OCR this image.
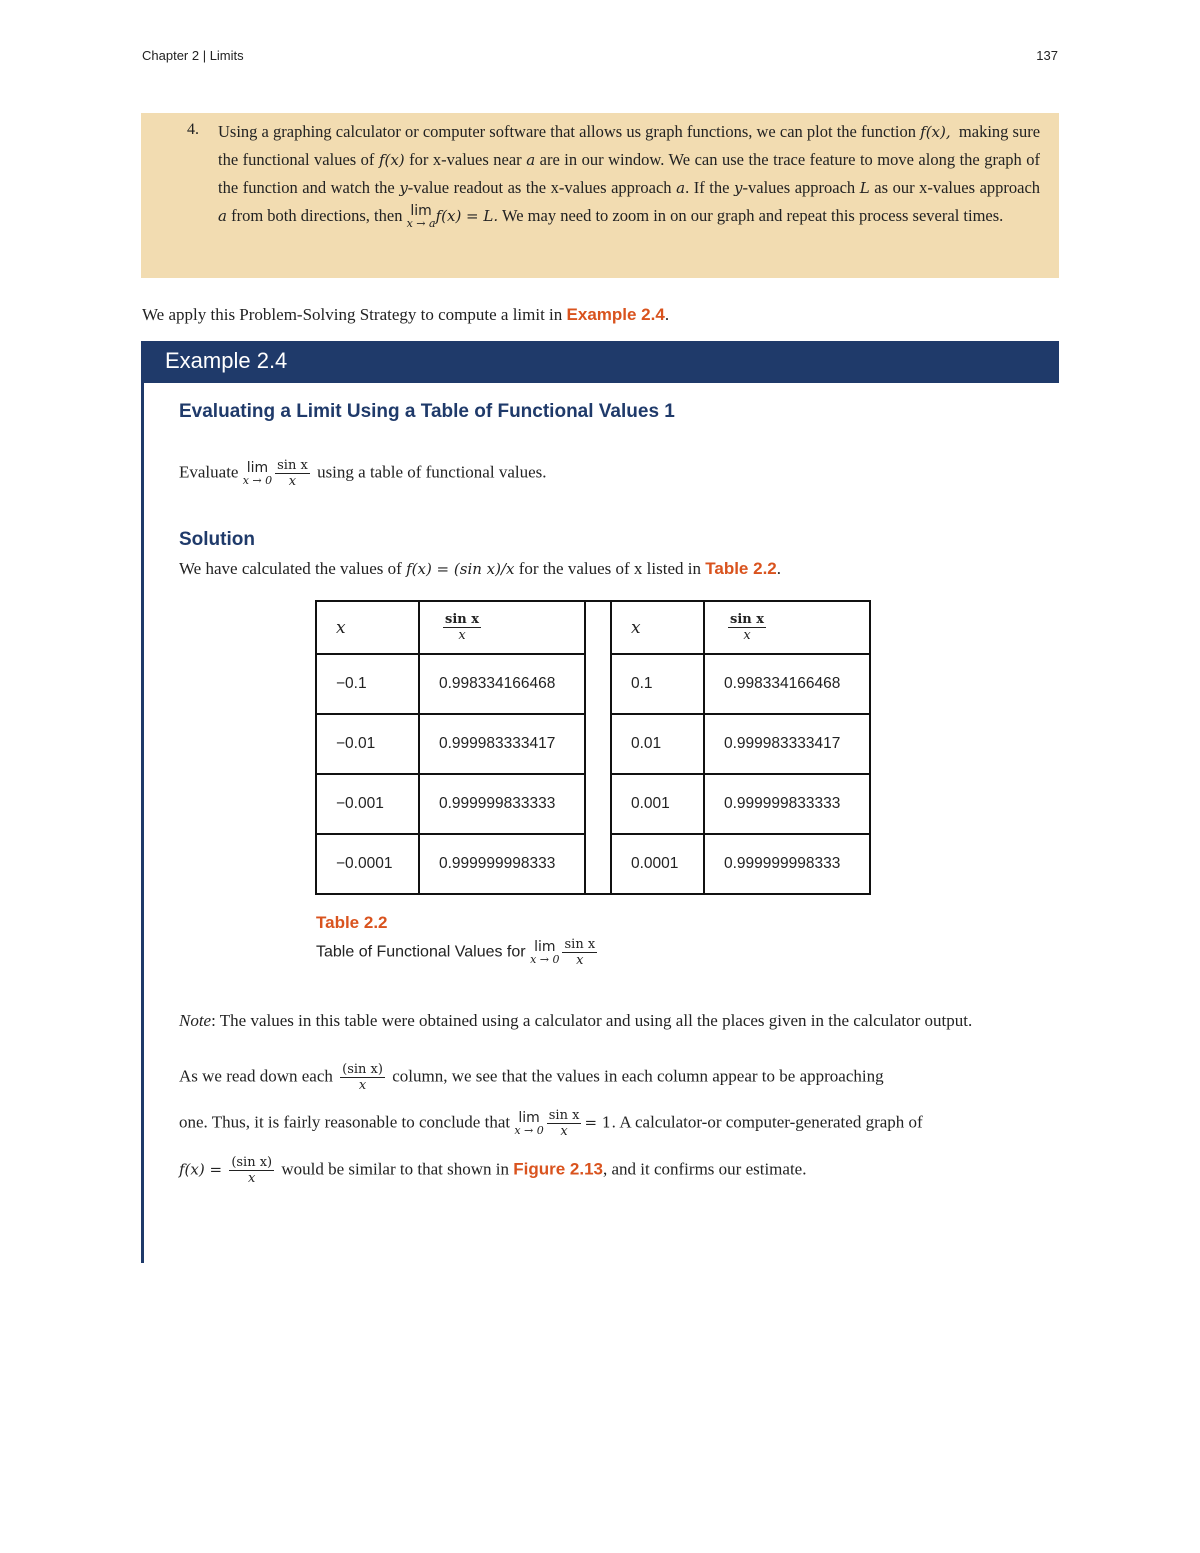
Chapter 2 | Limits	137
4. Using a graphing calculator or computer software that allows us graph functions, we can plot the function f(x), making sure the functional values of f(x) for x-values near a are in our window. We can use the trace feature to move along the graph of the function and watch the y-value readout as the x-values approach a. If the y-values approach L as our x-values approach a from both directions, then lim
x → a f(x) = L. We may need to zoom in on our graph and repeat this process several times.
We apply this Problem-Solving Strategy to compute a limit in Example 2.4.
Example 2.4
Evaluating a Limit Using a Table of Functional Values 1
Evaluate lim
$x \to 0 \frac{\text{sin x}}{x}$ using a table of functional values.
Solution
We have calculated the values of f(x) = (sin x)/x for the values of x listed in Table 2.2.
x	$\frac{\text{sin x}}{x}$		x	$\frac{\text{sin x}}{x}$

−0.1	0.998334166468		0.1	0.998334166468
−0.01	0.999983333417		0.01	0.999983333417
−0.001	0.999999833333		0.001	0.999999833333
−0.0001	0.999999998333		0.0001	0.999999998333
Table 2.2
Table of Functional Values for lim
$x \to 0 \frac{\text{sin x}}{x}$
Note: The values in this table were obtained using a calculator and using all the places given in the calculator output.
As we read down each $\frac{\text{(sin x)}}{x}$ column, we see that the values in each column appear to be approaching
one. Thus, it is fairly reasonable to conclude that lim
$x \to 0 \frac{\text{sin x}}{x} = 1$. A calculator-or computer-generated graph of
$f(x) = \frac{\text{(sin x)}}{x}$ would be similar to that shown in Figure 2.13, and it confirms our estimate.
